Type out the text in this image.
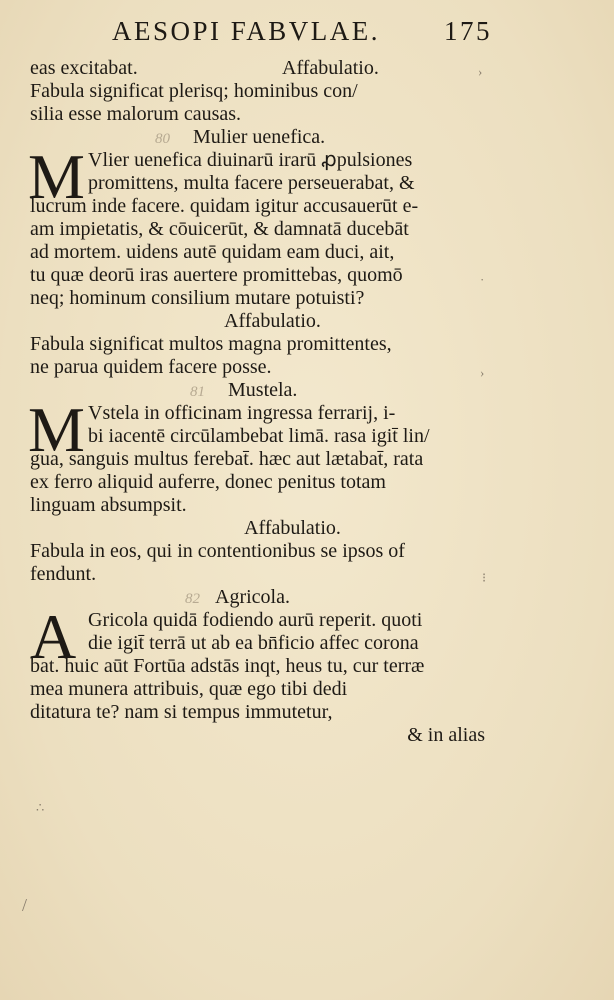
AESOPI FABVLAE. 175
eas excitabat.	Affabulatio.
Fabula significat plerisq; hominibus con/
silia esse malorum causas.
80 Mulier uenefica.
M Vlier uenefica diuinarū irarū ꝓpulsiones
promittens, multa facere perseuerabat, &
lucrum inde facere. quidam igitur accusauerūt e-
am impietatis, & cōuicerūt, & damnatā ducebāt
ad mortem. uidens autē quidam eam duci, ait,
tu quæ deorū iras auertere promittebas, quomō
neq; hominum consilium mutare potuisti?
Affabulatio.
Fabula significat multos magna promittentes,
ne parua quidem facere posse.
81 Mustela.
M Vstela in officinam ingressa ferrarij, i-
bi iacentē circūlambebat limā. rasa igit̄ lin/
gua, sanguis multus ferebat̄. hæc aut lætabat̄, rata
ex ferro aliquid auferre, donec penitus totam
linguam absumpsit.
Affabulatio.
Fabula in eos, qui in contentionibus se ipsos of
fendunt.
82 Agricola.
A Gricola quidā fodiendo aurū reperit. quoti
die igit̄ terrā ut ab ea bn̄ficio affec coronа
bat. huic aūt Fortūa adstās inqt, heus tu, cur terræ
mea munera attribuis, quæ ego tibi dedi
ditatura te? nam si tempus immutetur,
& in alias
›
·
›
⁝
∴
/
